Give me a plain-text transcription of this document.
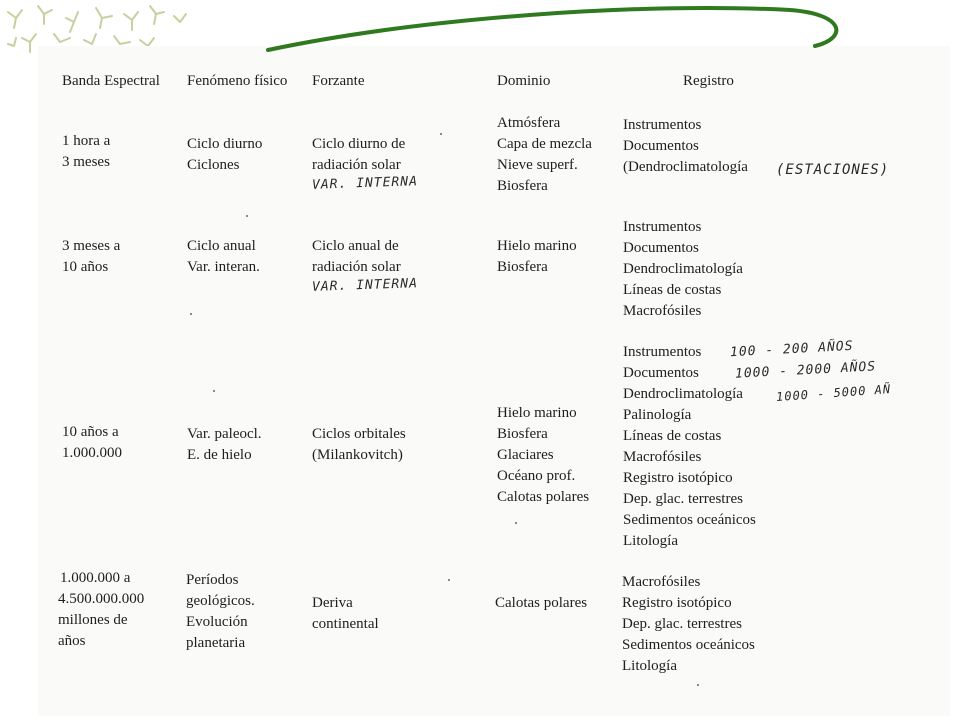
Banda Espectral Fenómeno físico Forzante	Dominio	Registro
1 hora a
3 meses
Ciclo diurno
Ciclones
Ciclo diurno de
radiación solar
VAR. INTERNA
Atmósfera
Capa de mezcla
Nieve superf.
Biosfera
Instrumentos
Documentos
(Dendroclimatología (ESTACIONES)
3 meses a
10 años
Ciclo anual
Var. interan.
Ciclo anual de
radiación solar
VAR. INTERNA
Hielo marino
Biosfera
Instrumentos
Documentos
Dendroclimatología
Líneas de costas
Macrofósiles
10 años a
1.000.000
Var. paleocl.
E. de hielo
Ciclos orbitales
(Milankovitch)
Hielo marino
Biosfera
Glaciares
Océano prof.
Calotas polares
Instrumentos
Documentos
Dendroclimatología
Palinología
Líneas de costas
Macrofósiles
Registro isotópico
Dep. glac. terrestres
Sedimentos oceánicos
Litología
100 - 200 AÑOS
1000 - 2000 AÑOS
1000 - 5000 AÑ
1.000.000 a
4.500.000.000
millones de
años
Períodos
geológicos.
Evolución
planetaria
Deriva
continental
Calotas polares
Macrofósiles
Registro isotópico
Dep. glac. terrestres
Sedimentos oceánicos
Litología
